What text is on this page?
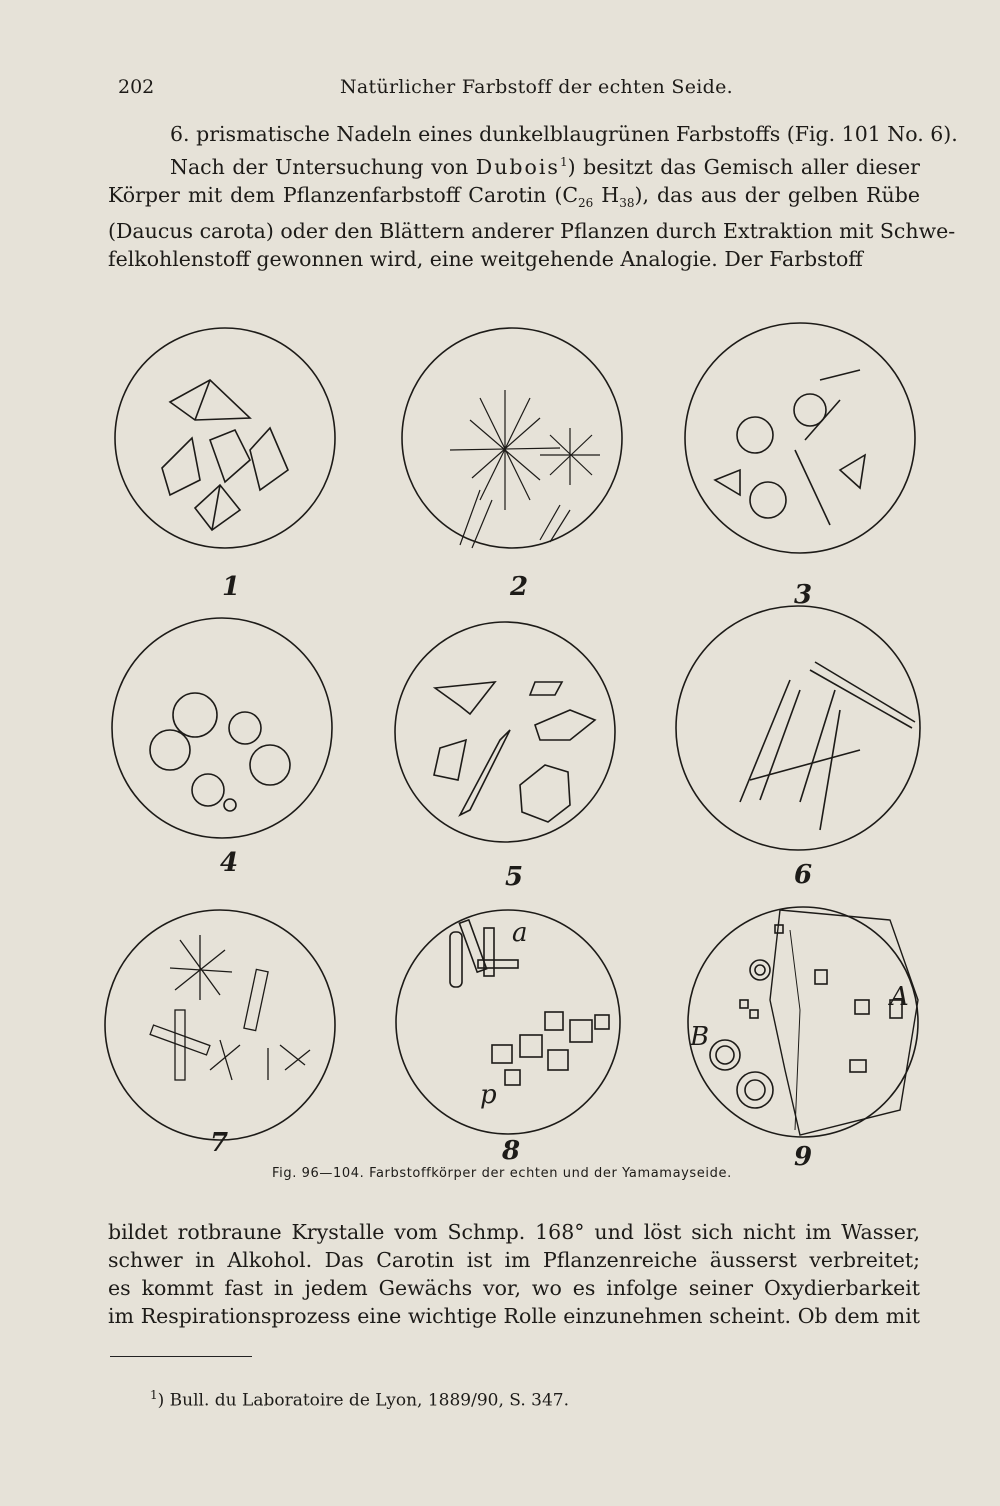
202	Natürlicher Farbstoff der echten Seide.
6. prismatische Nadeln eines dunkelblaugrünen Farbstoffs (Fig. 101 No. 6).
Nach der Untersuchung von Dubois$^1$) besitzt das Gemisch aller dieser
Körper mit dem Pflanzenfarbstoff Carotin ($C_{26}$ $H_{38}$), das aus der gelben Rübe
(Daucus carota) oder den Blättern anderer Pflanzen durch Extraktion mit Schwe-
felkohlenstoff gewonnen wird, eine weitgehende Analogie. Der Farbstoff
1	2	3
4	5	6
7	8	9
a
p
A
B
Fig. 96—104. Farbstoffkörper der echten und der Yamamayseide.
bildet rotbraune Krystalle vom Schmp. 168° und löst sich nicht im Wasser,
schwer in Alkohol. Das Carotin ist im Pflanzenreiche äusserst verbreitet;
es kommt fast in jedem Gewächs vor, wo es infolge seiner Oxydierbarkeit
im Respirationsprozess eine wichtige Rolle einzunehmen scheint. Ob dem mit
$^1$) Bull. du Laboratoire de Lyon, 1889/90, S. 347.
